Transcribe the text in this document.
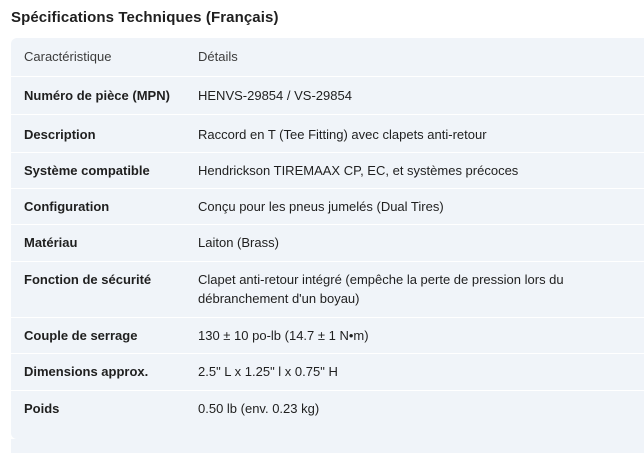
Spécifications Techniques (Français)
Caractéristique	Détails
Numéro de pièce (MPN)	HENVS-29854 / VS-29854
Description	Raccord en T (Tee Fitting) avec clapets anti-retour
Système compatible	Hendrickson TIREMAAX CP, EC, et systèmes précoces
Configuration	Conçu pour les pneus jumelés (Dual Tires)
Matériau	Laiton (Brass)
Fonction de sécurité	Clapet anti-retour intégré (empêche la perte de pression lors du débranchement d'un boyau)
Couple de serrage	130 ± 10 po-lb (14.7 ± 1 N•m)
Dimensions approx.	2.5" L x 1.25" l x 0.75" H
Poids	0.50 lb (env. 0.23 kg)
